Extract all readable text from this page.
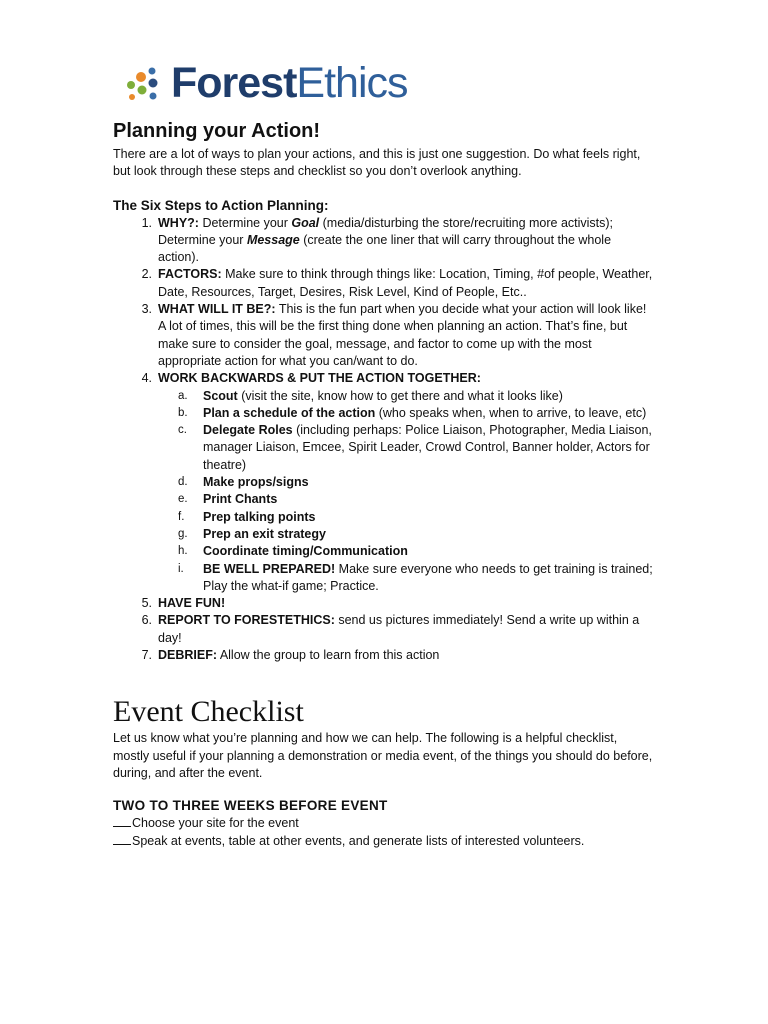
ForestEthics
Planning your Action!

There are a lot of ways to plan your actions, and this is just one suggestion. Do what feels right, but look through these steps and checklist so you don’t overlook anything.

The Six Steps to Action Planning:
1. WHY?: Determine your Goal (media/disturbing the store/recruiting more activists); Determine your Message (create the one liner that will carry throughout the whole action).
2. FACTORS: Make sure to think through things like: Location, Timing, #of people, Weather, Date, Resources, Target, Desires, Risk Level, Kind of People, Etc..
3. WHAT WILL IT BE?: This is the fun part when you decide what your action will look like! A lot of times, this will be the first thing done when planning an action. That’s fine, but make sure to consider the goal, message, and factor to come up with the most appropriate action for what you can/want to do.
4. WORK BACKWARDS & PUT THE ACTION TOGETHER:
a.	Scout (visit the site, know how to get there and what it looks like)
b.	Plan a schedule of the action (who speaks when, when to arrive, to leave, etc)
c.	Delegate Roles (including perhaps: Police Liaison, Photographer, Media Liaison, manager Liaison, Emcee, Spirit Leader, Crowd Control, Banner holder, Actors for theatre)
d.	Make props/signs
e.	Print Chants
f.	Prep talking points
g.	Prep an exit strategy
h.	Coordinate timing/Communication
i.	BE WELL PREPARED! Make sure everyone who needs to get training is trained; Play the what-if game; Practice.
5. HAVE FUN!
6. REPORT TO FORESTETHICS: send us pictures immediately! Send a write up within a day!
7. DEBRIEF: Allow the group to learn from this action
Event Checklist

Let us know what you’re planning and how we can help. The following is a helpful checklist, mostly useful if your planning a demonstration or media event, of the things you should do before, during, and after the event.

TWO TO THREE WEEKS BEFORE EVENT
Choose your site for the event
Speak at events, table at other events, and generate lists of interested volunteers.
